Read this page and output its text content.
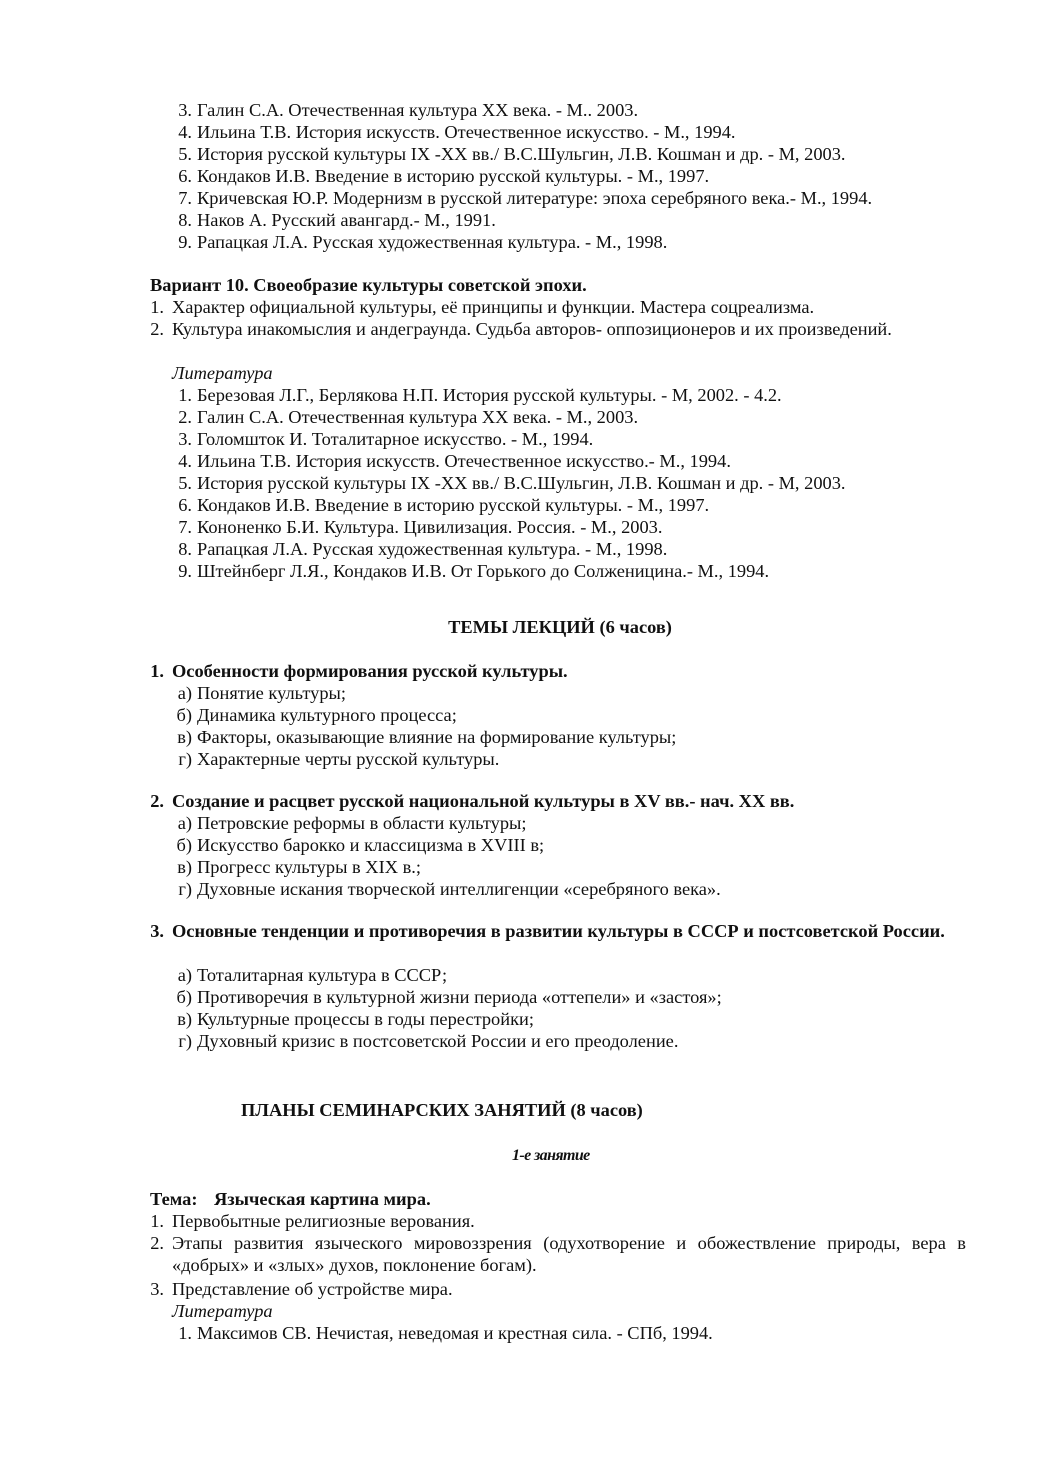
3. Галин С.А. Отечественная культура XX века. - М.. 2003.
4. Ильина Т.В. История искусств. Отечественное искусство. - М., 1994.
5. История русской культуры IX -XX вв./ В.С.Шульгин, Л.В. Кошман и др. - М, 2003.
6. Кондаков И.В. Введение в историю русской культуры. - М., 1997.
7. Кричевская Ю.Р. Модернизм в русской литературе: эпоха серебряного века.- М., 1994.
8. Наков А. Русский авангард.- М., 1991.
9. Рапацкая Л.А. Русская художественная культура. - М., 1998.
Вариант 10. Своеобразие культуры советской эпохи.
1. Характер официальной культуры, её принципы и функции. Мастера соцреализма.
2. Культура инакомыслия и андеграунда. Судьба авторов- оппозиционеров и их произведений.
Литература
1. Березовая Л.Г., Берлякова Н.П. История русской культуры. - М, 2002. - 4.2.
2. Галин С.А. Отечественная культура XX века. - М., 2003.
3. Голомшток И. Тоталитарное искусство. - М., 1994.
4. Ильина Т.В. История искусств. Отечественное искусство.- М., 1994.
5. История русской культуры IX -XX вв./ В.С.Шульгин, Л.В. Кошман и др. - М, 2003.
6. Кондаков И.В. Введение в историю русской культуры. - М., 1997.
7. Кононенко Б.И. Культура. Цивилизация. Россия. - М., 2003.
8. Рапацкая Л.А. Русская художественная культура. - М., 1998.
9. Штейнберг Л.Я., Кондаков И.В. От Горького до Солженицина.- М., 1994.
ТЕМЫ ЛЕКЦИЙ (6 часов)
1. Особенности формирования русской культуры.
а) Понятие культуры;
б) Динамика культурного процесса;
в) Факторы, оказывающие влияние на формирование культуры;
г) Характерные черты русской культуры.
2. Создание и расцвет русской национальной культуры в XV вв.- нач. XX вв.
а) Петровские реформы в области культуры;
б) Искусство барокко и классицизма в XVIII в;
в) Прогресс культуры в XIX в.;
г) Духовные искания творческой интеллигенции «серебряного века».
3. Основные тенденции и противоречия в развитии культуры в СССР и постсоветской России.
а) Тоталитарная культура в СССР;
б) Противоречия в культурной жизни периода «оттепели» и «застоя»;
в) Культурные процессы в годы перестройки;
г) Духовный кризис в постсоветской России и его преодоление.
ПЛАНЫ СЕМИНАРСКИХ ЗАНЯТИЙ (8 часов)
1-е занятие
Тема: Языческая картина мира.
1. Первобытные религиозные верования.
2. Этапы развития языческого мировоззрения (одухотворение и обожествление природы, вера в «добрых» и «злых» духов, поклонение богам).
3. Представление об устройстве мира.
Литература
1. Максимов СВ. Нечистая, неведомая и крестная сила. - СПб, 1994.
